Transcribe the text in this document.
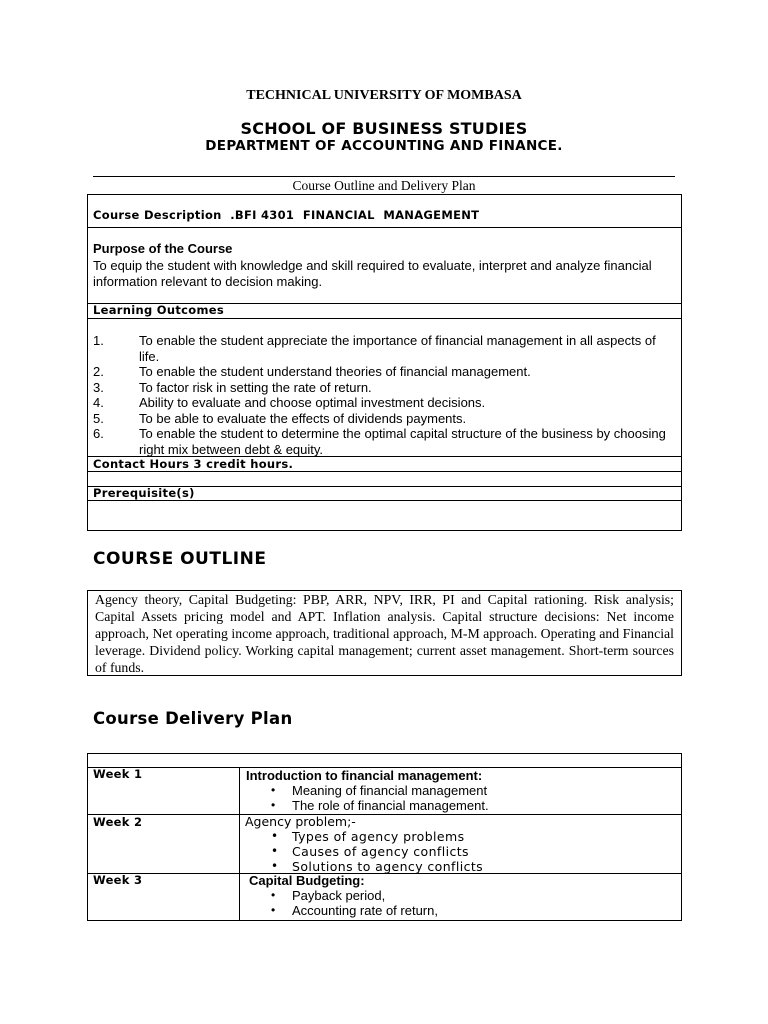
TECHNICAL UNIVERSITY OF MOMBASA
SCHOOL OF BUSINESS STUDIES
DEPARTMENT OF ACCOUNTING AND FINANCE.
Course Outline and Delivery Plan
Course Description  .BFI 4301  FINANCIAL  MANAGEMENT
Purpose of the Course
To equip the student with knowledge and skill required to evaluate, interpret and analyze financial information relevant to decision making.
Learning Outcomes
1.	To enable the student appreciate the importance of financial management in all aspects of life.
2.	To enable the student understand theories of financial management.
3.	To factor risk in setting the rate of return.
4.	Ability to evaluate and choose optimal investment decisions.
5.	To be able to evaluate the effects of dividends payments.
6.	To enable the student to determine the optimal capital structure of the business by choosing right mix between debt & equity.
Contact Hours 3 credit hours.
Prerequisite(s)
COURSE OUTLINE

Agency theory, Capital Budgeting: PBP, ARR, NPV, IRR, PI and Capital rationing. Risk analysis; Capital Assets pricing model and APT. Inflation analysis. Capital structure decisions: Net income approach, Net operating income approach, traditional approach, M-M approach. Operating and Financial leverage. Dividend policy. Working capital management; current asset management. Short-term sources of funds.

Course Delivery Plan
Week 1	Introduction to financial management:
• Meaning of financial management
• The role of financial management.
Week 2	Agency problem;-
• Types of agency problems
• Causes of agency conflicts
• Solutions to agency conflicts
Week 3	Capital Budgeting:
• Payback period,
• Accounting rate of return,
